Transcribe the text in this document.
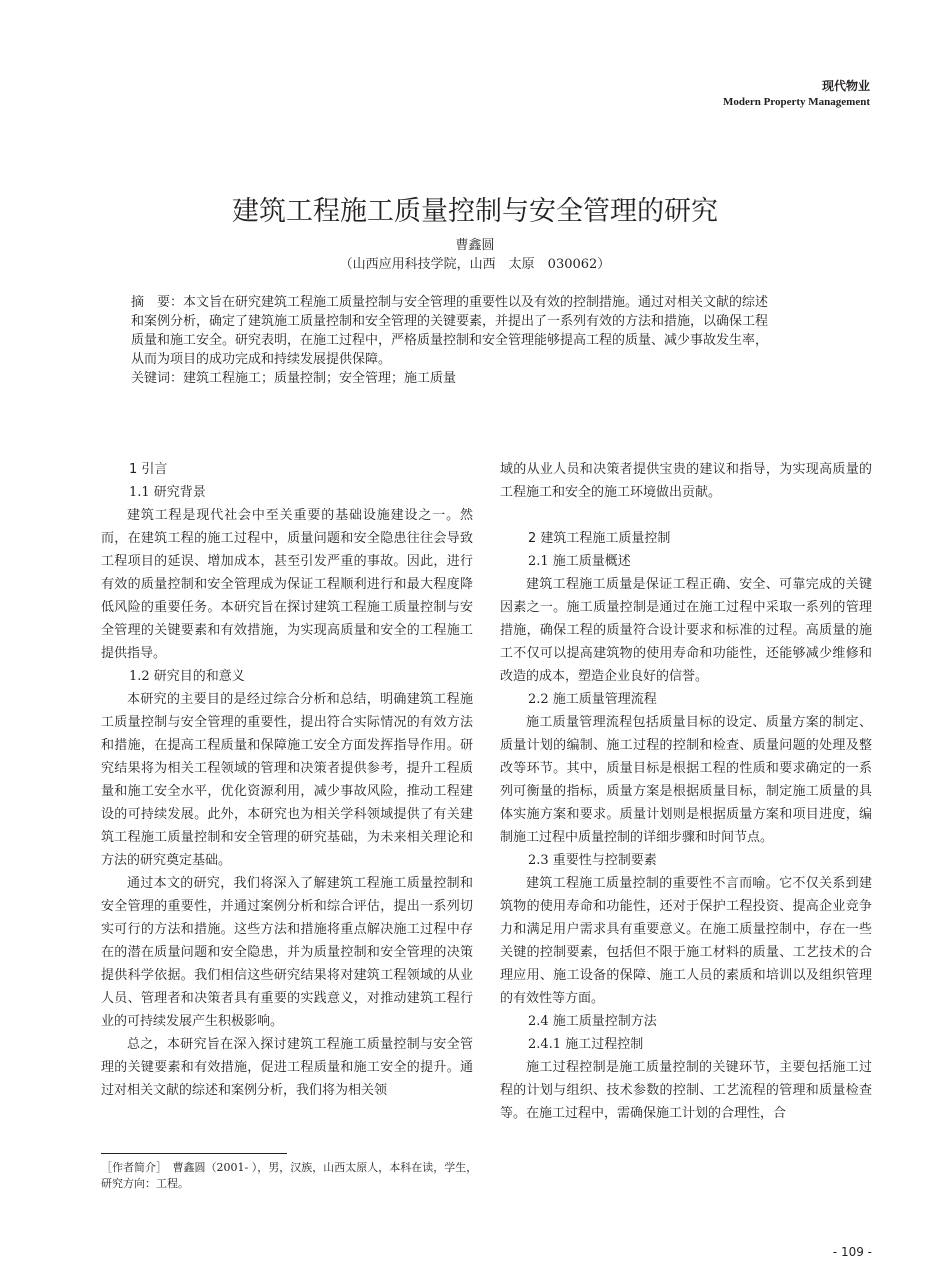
现代物业
Modern Property Management
建筑工程施工质量控制与安全管理的研究
曹鑫圆
（山西应用科技学院，山西　太原　030062）

摘　要：本文旨在研究建筑工程施工质量控制与安全管理的重要性以及有效的控制措施。通过对相关文献的综述

和案例分析，确定了建筑施工质量控制和安全管理的关键要素，并提出了一系列有效的方法和措施，以确保工程

质量和施工安全。研究表明，在施工过程中，严格质量控制和安全管理能够提高工程的质量、减少事故发生率，

从而为项目的成功完成和持续发展提供保障。

关键词：建筑工程施工；质量控制；安全管理；施工质量

1 引言
1.1 研究背景

建筑工程是现代社会中至关重要的基础设施建设之一。然而，在建筑工程的施工过程中，质量问题和安全隐患往往会导致工程项目的延误、增加成本，甚至引发严重的事故。因此，进行有效的质量控制和安全管理成为保证工程顺利进行和最大程度降低风险的重要任务。本研究旨在探讨建筑工程施工质量控制与安全管理的关键要素和有效措施，为实现高质量和安全的工程施工提供指导。

1.2 研究目的和意义

本研究的主要目的是经过综合分析和总结，明确建筑工程施工质量控制与安全管理的重要性，提出符合实际情况的有效方法和措施，在提高工程质量和保障施工安全方面发挥指导作用。研究结果将为相关工程领域的管理和决策者提供参考，提升工程质量和施工安全水平，优化资源利用，减少事故风险，推动工程建设的可持续发展。此外，本研究也为相关学科领域提供了有关建筑工程施工质量控制和安全管理的研究基础，为未来相关理论和方法的研究奠定基础。

通过本文的研究，我们将深入了解建筑工程施工质量控制和安全管理的重要性，并通过案例分析和综合评估，提出一系列切实可行的方法和措施。这些方法和措施将重点解决施工过程中存在的潜在质量问题和安全隐患，并为质量控制和安全管理的决策提供科学依据。我们相信这些研究结果将对建筑工程领域的从业人员、管理者和决策者具有重要的实践意义，对推动建筑工程行业的可持续发展产生积极影响。

总之，本研究旨在深入探讨建筑工程施工质量控制与安全管理的关键要素和有效措施，促进工程质量和施工安全的提升。通过对相关文献的综述和案例分析，我们将为相关领

域的从业人员和决策者提供宝贵的建议和指导，为实现高质量的工程施工和安全的施工环境做出贡献。

2 建筑工程施工质量控制
2.1 施工质量概述

建筑工程施工质量是保证工程正确、安全、可靠完成的关键因素之一。施工质量控制是通过在施工过程中采取一系列的管理措施，确保工程的质量符合设计要求和标准的过程。高质量的施工不仅可以提高建筑物的使用寿命和功能性，还能够减少维修和改造的成本，塑造企业良好的信誉。

2.2 施工质量管理流程

施工质量管理流程包括质量目标的设定、质量方案的制定、质量计划的编制、施工过程的控制和检查、质量问题的处理及整改等环节。其中，质量目标是根据工程的性质和要求确定的一系列可衡量的指标，质量方案是根据质量目标，制定施工质量的具体实施方案和要求。质量计划则是根据质量方案和项目进度，编制施工过程中质量控制的详细步骤和时间节点。

2.3 重要性与控制要素

建筑工程施工质量控制的重要性不言而喻。它不仅关系到建筑物的使用寿命和功能性，还对于保护工程投资、提高企业竞争力和满足用户需求具有重要意义。在施工质量控制中，存在一些关键的控制要素，包括但不限于施工材料的质量、工艺技术的合理应用、施工设备的保障、施工人员的素质和培训以及组织管理的有效性等方面。

2.4 施工质量控制方法
2.4.1 施工过程控制

施工过程控制是施工质量控制的关键环节，主要包括施工过程的计划与组织、技术参数的控制、工艺流程的管理和质量检查等。在施工过程中，需确保施工计划的合理性，合

［作者简介］　曹鑫圆（2001- ），男，汉族，山西太原人，本科在读，学生，研究方向：工程。
- 109 -
